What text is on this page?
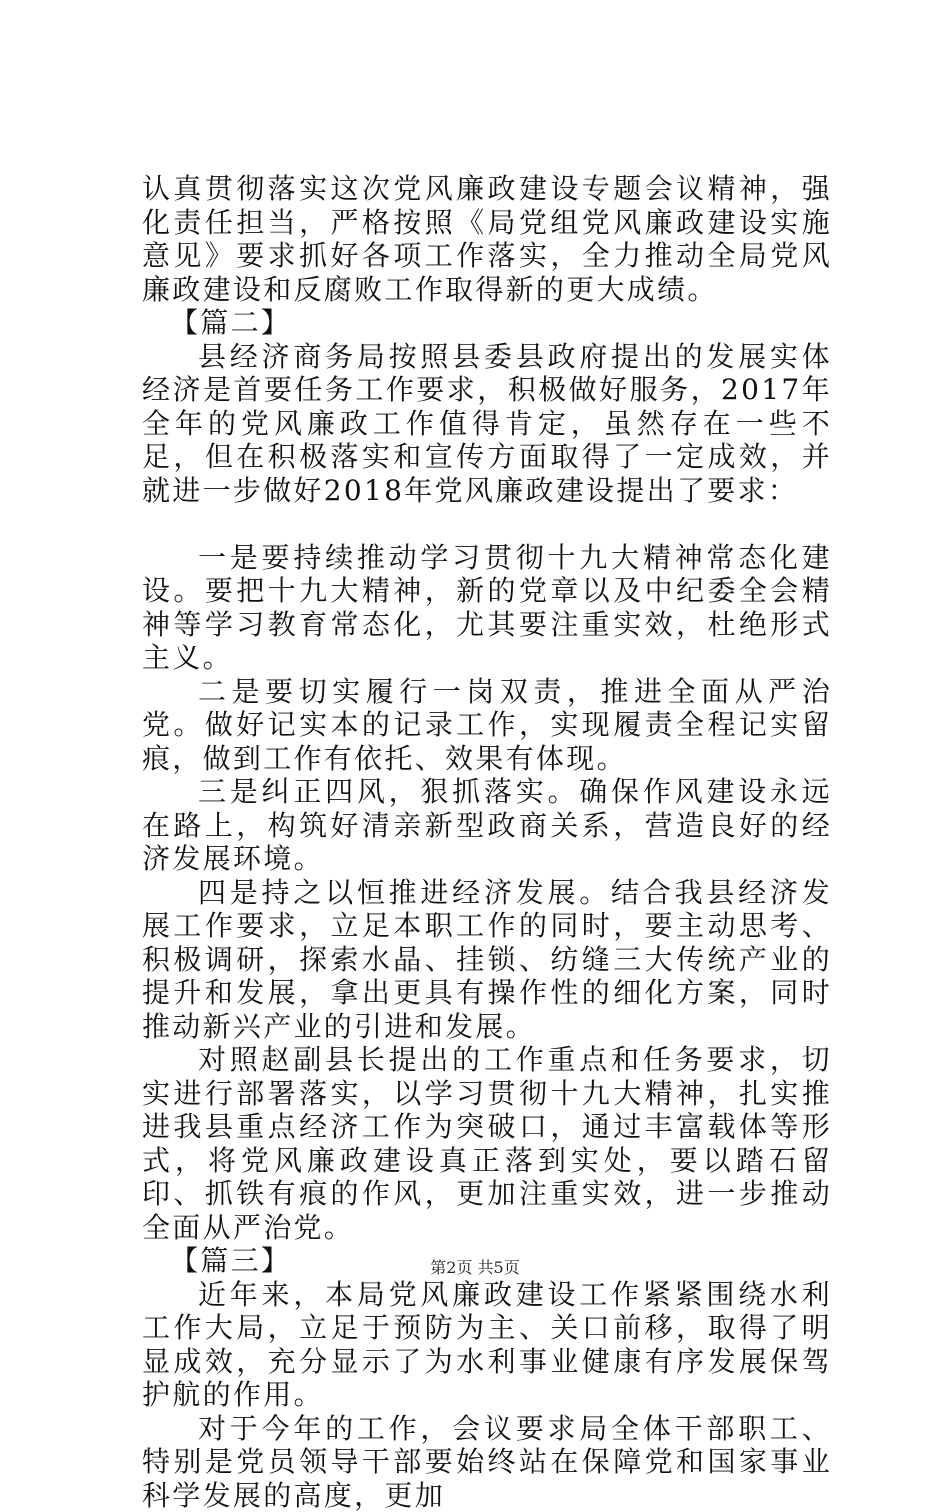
认真贯彻落实这次党风廉政建设专题会议精神，强化责任担当，严格按照《局党组党风廉政建设实施意见》要求抓好各项工作落实，全力推动全局党风廉政建设和反腐败工作取得新的更大成绩。

【篇二】

县经济商务局按照县委县政府提出的发展实体经济是首要任务工作要求，积极做好服务，2017年全年的党风廉政工作值得肯定，虽然存在一些不足，但在积极落实和宣传方面取得了一定成效，并就进一步做好2018年党风廉政建设提出了要求：

一是要持续推动学习贯彻十九大精神常态化建设。要把十九大精神，新的党章以及中纪委全会精神等学习教育常态化，尤其要注重实效，杜绝形式主义。

二是要切实履行一岗双责，推进全面从严治党。做好记实本的记录工作，实现履责全程记实留痕，做到工作有依托、效果有体现。

三是纠正四风，狠抓落实。确保作风建设永远在路上，构筑好清亲新型政商关系，营造良好的经济发展环境。

四是持之以恒推进经济发展。结合我县经济发展工作要求，立足本职工作的同时，要主动思考、积极调研，探索水晶、挂锁、纺缝三大传统产业的提升和发展，拿出更具有操作性的细化方案，同时推动新兴产业的引进和发展。

对照赵副县长提出的工作重点和任务要求，切实进行部署落实，以学习贯彻十九大精神，扎实推进我县重点经济工作为突破口，通过丰富载体等形式，将党风廉政建设真正落到实处，要以踏石留印、抓铁有痕的作风，更加注重实效，进一步推动全面从严治党。

【篇三】

近年来，本局党风廉政建设工作紧紧围绕水利工作大局，立足于预防为主、关口前移，取得了明显成效，充分显示了为水利事业健康有序发展保驾护航的作用。

对于今年的工作，会议要求局全体干部职工、特别是党员领导干部要始终站在保障党和国家事业科学发展的高度，更加

第2页 共5页
